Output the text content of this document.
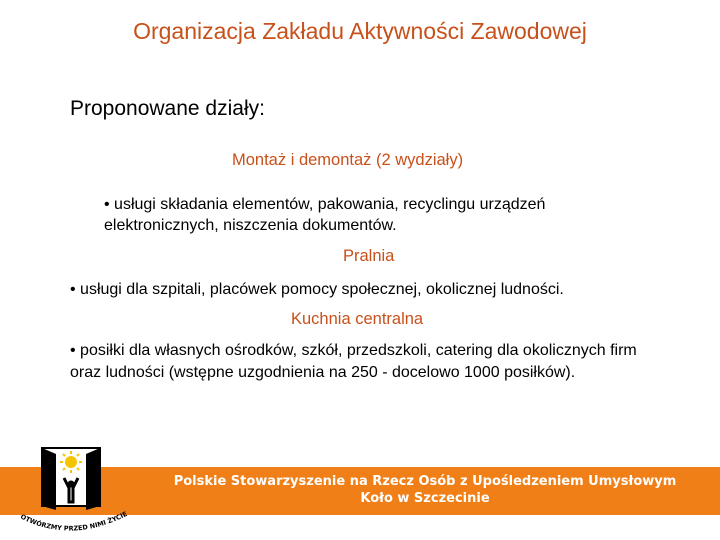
Organizacja Zakładu Aktywności Zawodowej
Proponowane działy:
Montaż i demontaż (2 wydziały)
• usługi składania elementów, pakowania, recyclingu urządzeń elektronicznych, niszczenia dokumentów.
Pralnia
• usługi dla szpitali, placówek pomocy społecznej, okolicznej ludności.
Kuchnia centralna
• posiłki dla własnych ośrodków, szkół, przedszkoli, catering dla okolicznych firm oraz ludności (wstępne uzgodnienia na 250 - docelowo 1000 posiłków).
Polskie Stowarzyszenie na Rzecz Osób z Upośledzeniem Umysłowym
Koło w Szczecinie
OTWÓRZMY PRZED NIMI ŻYCIE
